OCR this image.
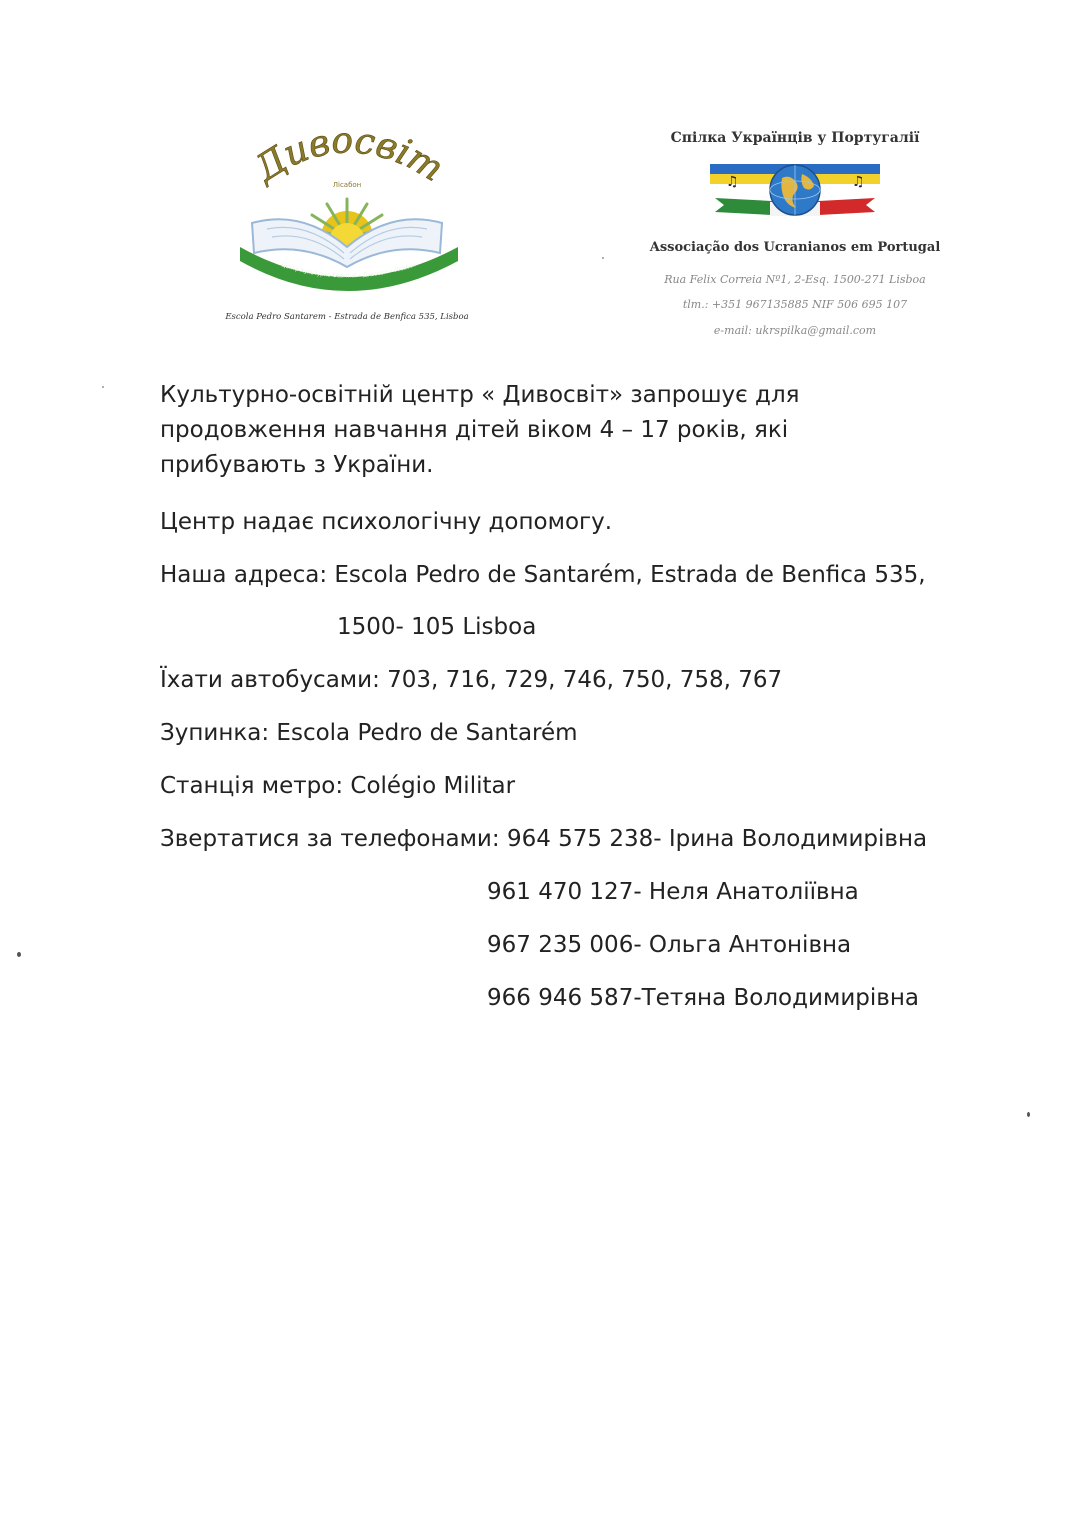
Дивосвіт
Лісабон
Центр Культурно-Освітній • Дивосвіт • Лісабон
Escola Pedro Santarem - Estrada de Benfica 535, Lisboa
Спілка Українців у Португалії
♫	♫
Associação dos Ucranianos em Portugal
Rua Felix Correia Nº1, 2-Esq. 1500-271 Lisboa
tlm.: +351 967135885 NIF 506 695 107
e-mail: ukrspilka@gmail.com
Культурно-освітній центр « Дивосвіт» запрошує для
продовження навчання дітей віком 4 – 17 років, які
прибувають з України.
Центр надає психологічну допомогу.
Наша адреса: Escola Pedro de Santarém, Estrada de Benfica 535,
1500- 105 Lisboa
Їхати автобусами: 703, 716, 729, 746, 750, 758, 767
Зупинка: Escola Pedro de Santarém
Станція метро: Colégio Militar
Звертатися за телефонами: 964 575 238- Ірина Володимирівна
961 470 127- Неля Анатоліївна
967 235 006- Ольга Антонівна
966 946 587-Тетяна Володимирівна
